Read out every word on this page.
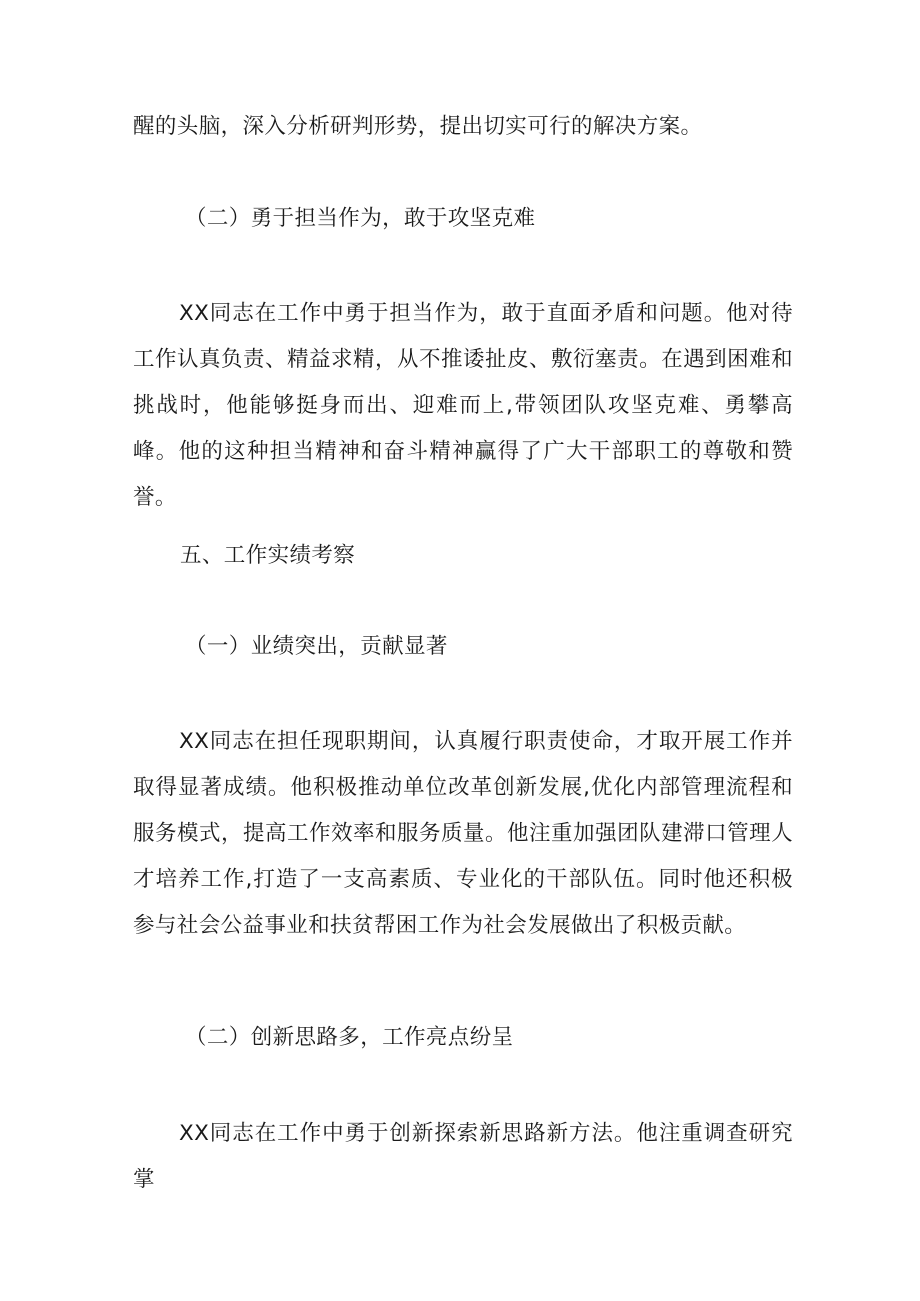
醒的头脑，深入分析研判形势，提出切实可行的解决方案。
（二）勇于担当作为，敢于攻坚克难

XX同志在工作中勇于担当作为，敢于直面矛盾和问题。他对待工作认真负责、精益求精，从不推诿扯皮、敷衍塞责。在遇到困难和挑战时，他能够挺身而出、迎难而上,带领团队攻坚克难、勇攀高峰。他的这种担当精神和奋斗精神赢得了广大干部职工的尊敬和赞誉。

五、工作实绩考察
（一）业绩突出，贡献显著

XX同志在担任现职期间，认真履行职责使命，才取开展工作并取得显著成绩。他积极推动单位改革创新发展,优化内部管理流程和服务模式，提高工作效率和服务质量。他注重加强团队建滞口管理人才培养工作,打造了一支高素质、专业化的干部队伍。同时他还积极参与社会公益事业和扶贫帮困工作为社会发展做出了积极贡献。

（二）创新思路多，工作亮点纷呈

XX同志在工作中勇于创新探索新思路新方法。他注重调查研究掌
